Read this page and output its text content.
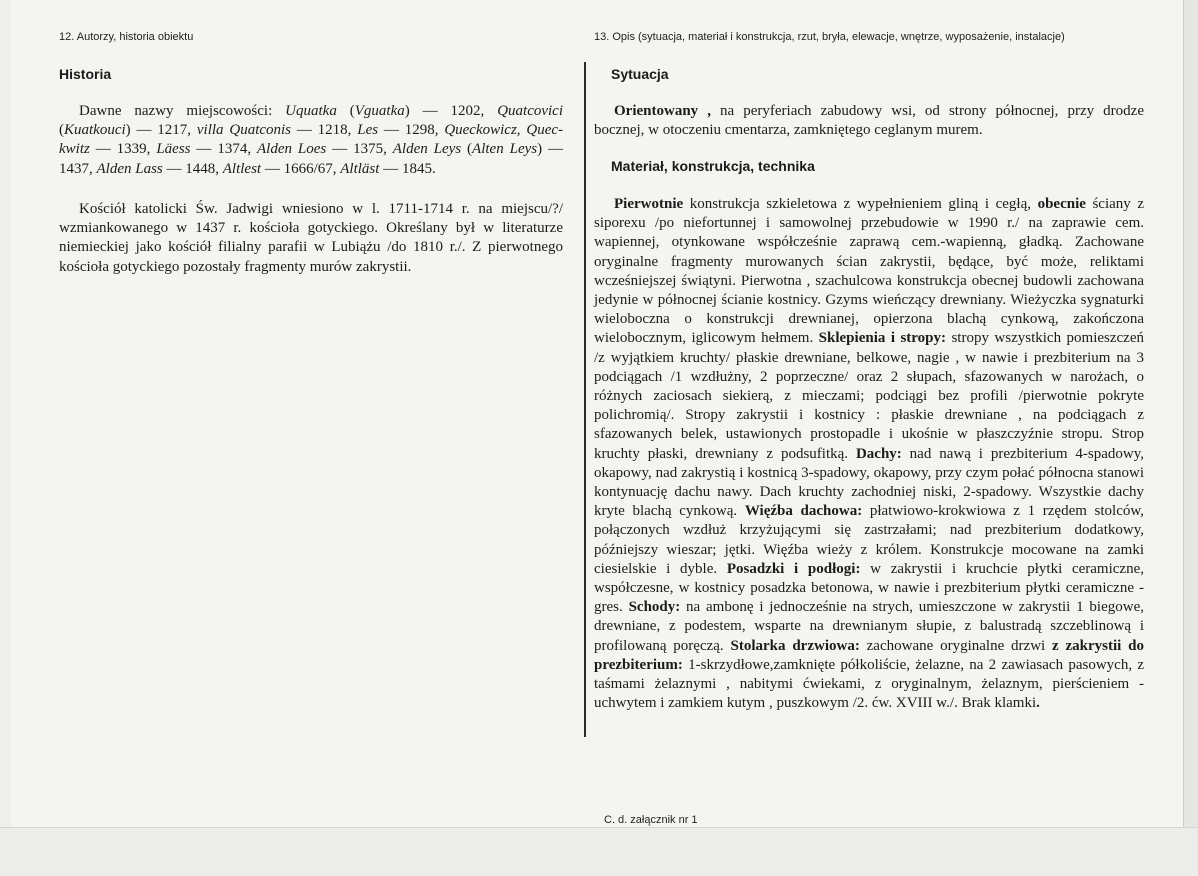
12. Autorzy, historia obiektu	13. Opis (sytuacja, materiał i konstrukcja, rzut, bryła, elewacje, wnętrze, wyposażenie, instalacje)
Historia

Dawne nazwy miejscowości: Uquatka (Vguatka) — 1202, Quatcovici (Kuatkouci) — 1217, villa Quatconis — 1218, Les — 1298, Queckowicz, Queckwitz — 1339, Läess — 1374, Alden Loes — 1375, Alden Leys (Alten Leys) — 1437, Alden Lass — 1448, Altlest — 1666/67, Altläst — 1845.

Kościół katolicki Św. Jadwigi wniesiono w l. 1711-1714 r. na miejscu/?/ wzmiankowanego w 1437 r. kościoła gotyckiego. Określany był w literaturze niemieckiej jako kościół filialny parafii w Lubiążu /do 1810 r./. Z pierwotnego kościoła gotyckiego pozostały fragmenty murów zakrystii.

Sytuacja

Orientowany , na peryferiach zabudowy wsi, od strony północnej, przy drodze bocznej, w otoczeniu cmentarza, zamkniętego ceglanym murem.

Materiał, konstrukcja, technika

Pierwotnie konstrukcja szkieletowa z wypełnieniem gliną i cegłą, obecnie ściany z siporexu /po niefortunnej i samowolnej przebudowie w 1990 r./ na zaprawie cem. wapiennej, otynkowane współcześnie zaprawą cem.-wapienną, gładką. Zachowane oryginalne fragmenty murowanych ścian zakrystii, będące, być może, reliktami wcześniejszej świątyni. Pierwotna , szachulcowa konstrukcja obecnej budowli zachowana jedynie w północnej ścianie kostnicy. Gzyms wieńczący drewniany. Wieżyczka sygnaturki wieloboczna o konstrukcji drewnianej, opierzona blachą cynkową, zakończona wielobocznym, iglicowym hełmem. Sklepienia i stropy: stropy wszystkich pomieszczeń /z wyjątkiem kruchty/ płaskie drewniane, belkowe, nagie , w nawie i prezbiterium na 3 podciągach /1 wzdłużny, 2 poprzeczne/ oraz 2 słupach, sfazowanych w narożach, o różnych zaciosach siekierą, z mieczami; podciągi bez profili /pierwotnie pokryte polichromią/. Stropy zakrystii i kostnicy : płaskie drewniane , na podciągach z sfazowanych belek, ustawionych prostopadle i ukośnie w płaszczyźnie stropu. Strop kruchty płaski, drewniany z podsufitką. Dachy: nad nawą i prezbiterium 4-spadowy, okapowy, nad zakrystią i kostnicą 3-spadowy, okapowy, przy czym połać północna stanowi kontynuację dachu nawy. Dach kruchty zachodniej niski, 2-spadowy. Wszystkie dachy kryte blachą cynkową. Więźba dachowa: płatwiowo-krokwiowa z 1 rzędem stolców, połączonych wzdłuż krzyżującymi się zastrzałami; nad prezbiterium dodatkowy, późniejszy wieszar; jętki. Więźba wieży z królem. Konstrukcje mocowane na zamki ciesielskie i dyble. Posadzki i podłogi: w zakrystii i kruchcie płytki ceramiczne, współczesne, w kostnicy posadzka betonowa, w nawie i prezbiterium płytki ceramiczne - gres. Schody: na ambonę i jednocześnie na strych, umieszczone w zakrystii 1 biegowe, drewniane, z podestem, wsparte na drewnianym słupie, z balustradą szczeblinową i profilowaną poręczą. Stolarka drzwiowa: zachowane oryginalne drzwi z zakrystii do prezbiterium: 1-skrzydłowe,zamknięte półkoliście, żelazne, na 2 zawiasach pasowych, z taśmami żelaznymi , nabitymi ćwiekami, z oryginalnym, żelaznym, pierścieniem - uchwytem i zamkiem kutym , puszkowym /2. ćw. XVIII w./. Brak klamki.

C. d. załącznik nr 1
